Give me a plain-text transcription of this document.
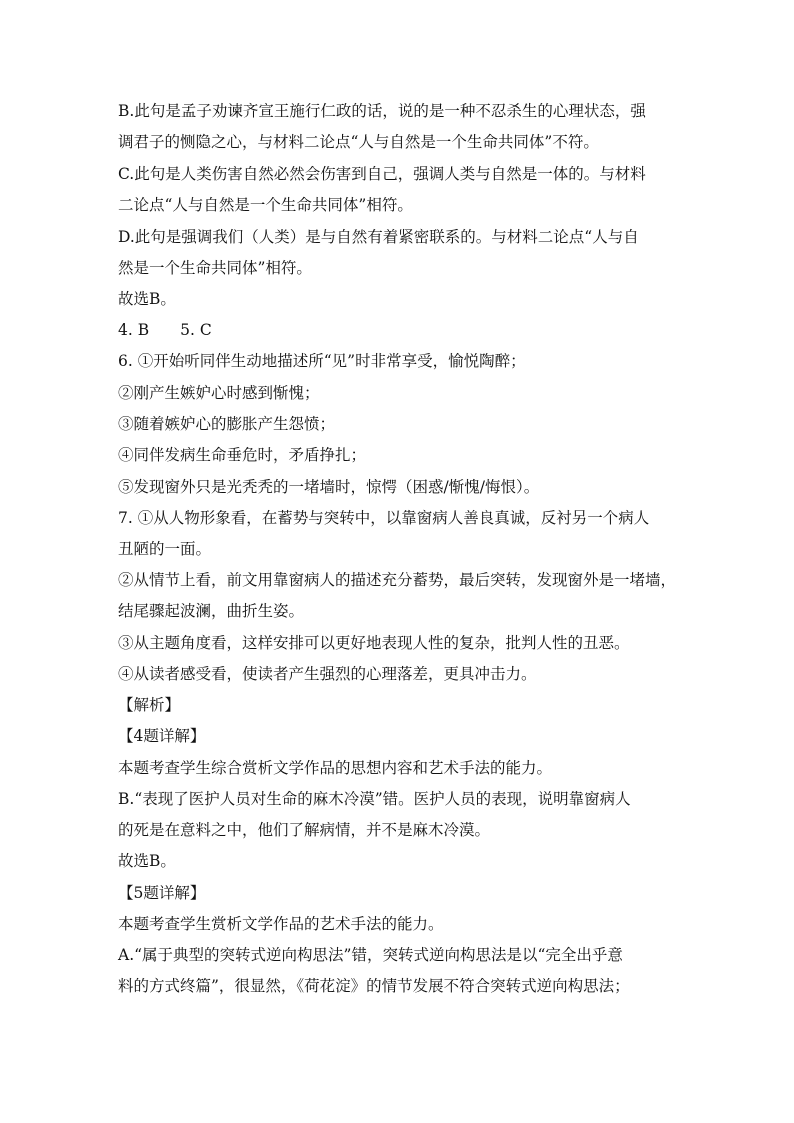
B.此句是孟子劝谏齐宣王施行仁政的话，说的是一种不忍杀生的心理状态，强
调君子的恻隐之心，与材料二论点“人与自然是一个生命共同体”不符。
C.此句是人类伤害自然必然会伤害到自己，强调人类与自然是一体的。与材料
二论点“人与自然是一个生命共同体”相符。
D.此句是强调我们（人类）是与自然有着紧密联系的。与材料二论点“人与自
然是一个生命共同体”相符。
故选B。
4. B　　5. C
6. ①开始听同伴生动地描述所“见”时非常享受，愉悦陶醉；
②刚产生嫉妒心时感到惭愧；
③随着嫉妒心的膨胀产生怨愤；
④同伴发病生命垂危时，矛盾挣扎；
⑤发现窗外只是光秃秃的一堵墙时，惊愕（困惑/惭愧/悔恨）。
7. ①从人物形象看，在蓄势与突转中，以靠窗病人善良真诚，反衬另一个病人
丑陋的一面。
②从情节上看，前文用靠窗病人的描述充分蓄势，最后突转，发现窗外是一堵墙，
结尾骤起波澜，曲折生姿。
③从主题角度看，这样安排可以更好地表现人性的复杂，批判人性的丑恶。
④从读者感受看，使读者产生强烈的心理落差，更具冲击力。
【解析】
【4题详解】
本题考查学生综合赏析文学作品的思想内容和艺术手法的能力。
B.“表现了医护人员对生命的麻木冷漠”错。医护人员的表现，说明靠窗病人
的死是在意料之中，他们了解病情，并不是麻木冷漠。
故选B。
【5题详解】
本题考查学生赏析文学作品的艺术手法的能力。
A.“属于典型的突转式逆向构思法”错，突转式逆向构思法是以“完全出乎意
料的方式终篇”，很显然，《荷花淀》的情节发展不符合突转式逆向构思法；
